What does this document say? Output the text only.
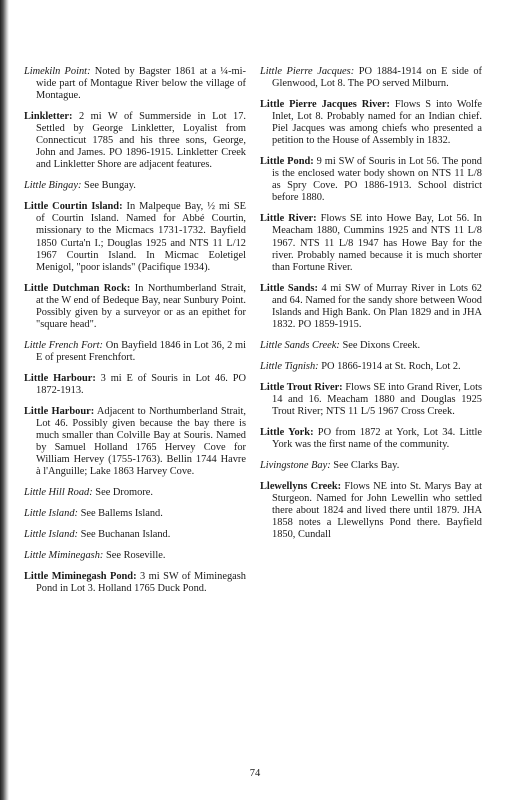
Limekiln Point: Noted by Bagster 1861 at a ¼-mi-wide part of Montague River below the village of Montague.

Linkletter: 2 mi W of Summerside in Lot 17. Settled by George Linkletter, Loyalist from Connecticut 1785 and his three sons, George, John and James. PO 1896-1915. Linkletter Creek and Linkletter Shore are adjacent features.

Little Bingay: See Bungay.

Little Courtin Island: In Malpeque Bay, ½ mi SE of Courtin Island. Named for Abbé Courtin, missionary to the Micmacs 1731-1732. Bayfield 1850 Curta'n I.; Douglas 1925 and NTS 11 L/12 1967 Courtin Island. In Micmac Eoletigel Menigol, "poor islands" (Pacifique 1934).

Little Dutchman Rock: In Northumberland Strait, at the W end of Bedeque Bay, near Sunbury Point. Possibly given by a surveyor or as an epithet for "square head".

Little French Fort: On Bayfield 1846 in Lot 36, 2 mi E of present Frenchfort.

Little Harbour: 3 mi E of Souris in Lot 46. PO 1872-1913.

Little Harbour: Adjacent to Northumberland Strait, Lot 46. Possibly given because the bay there is much smaller than Colville Bay at Souris. Named by Samuel Holland 1765 Hervey Cove for William Hervey (1755-1763). Bellin 1744 Havre à l'Anguille; Lake 1863 Harvey Cove.

Little Hill Road: See Dromore.

Little Island: See Ballems Island.

Little Island: See Buchanan Island.

Little Miminegash: See Roseville.

Little Miminegash Pond: 3 mi SW of Miminegash Pond in Lot 3. Holland 1765 Duck Pond.

Little Pierre Jacques: PO 1884-1914 on E side of Glenwood, Lot 8. The PO served Milburn.

Little Pierre Jacques River: Flows S into Wolfe Inlet, Lot 8. Probably named for an Indian chief. Piel Jacques was among chiefs who presented a petition to the House of Assembly in 1832.

Little Pond: 9 mi SW of Souris in Lot 56. The pond is the enclosed water body shown on NTS 11 L/8 as Spry Cove. PO 1886-1913. School district before 1880.

Little River: Flows SE into Howe Bay, Lot 56. In Meacham 1880, Cummins 1925 and NTS 11 L/8 1967. NTS 11 L/8 1947 has Howe Bay for the river. Probably named because it is much shorter than Fortune River.

Little Sands: 4 mi SW of Murray River in Lots 62 and 64. Named for the sandy shore between Wood Islands and High Bank. On Plan 1829 and in JHA 1832. PO 1859-1915.

Little Sands Creek: See Dixons Creek.

Little Tignish: PO 1866-1914 at St. Roch, Lot 2.

Little Trout River: Flows SE into Grand River, Lots 14 and 16. Meacham 1880 and Douglas 1925 Trout River; NTS 11 L/5 1967 Cross Creek.

Little York: PO from 1872 at York, Lot 34. Little York was the first name of the community.

Livingstone Bay: See Clarks Bay.

Llewellyns Creek: Flows NE into St. Marys Bay at Sturgeon. Named for John Lewellin who settled there about 1824 and lived there until 1879. JHA 1858 notes a Llewellyns Pond there. Bayfield 1850, Cundall

74
